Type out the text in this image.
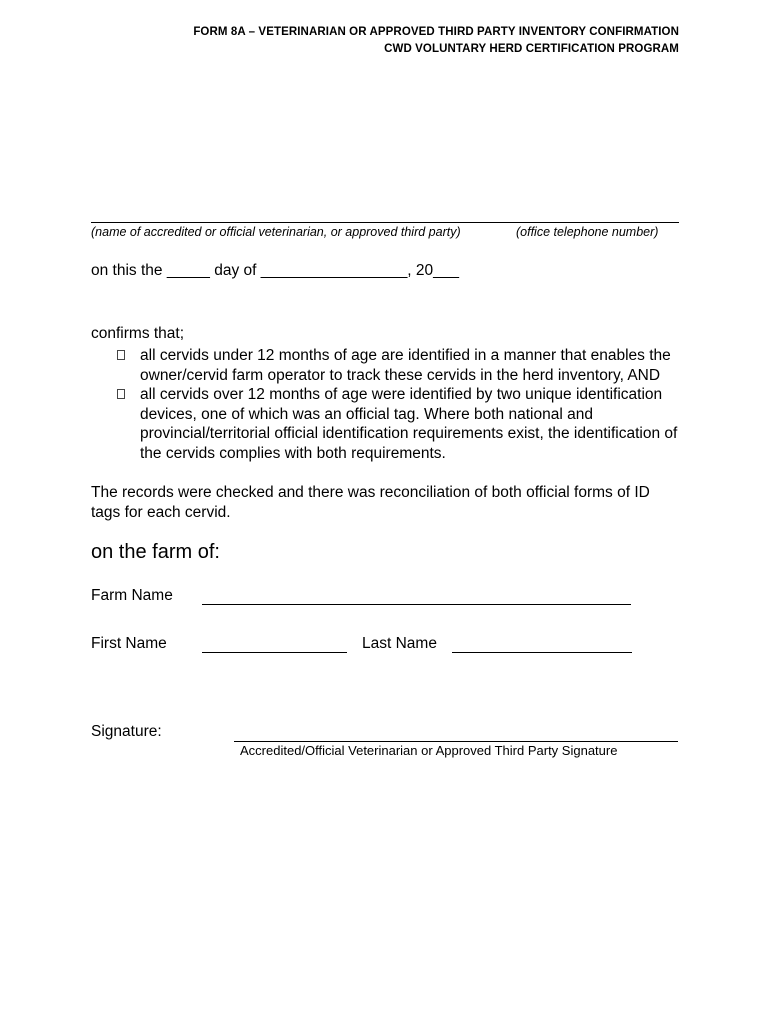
FORM 8A – VETERINARIAN OR APPROVED THIRD PARTY INVENTORY CONFIRMATION
CWD VOLUNTARY HERD CERTIFICATION PROGRAM
(name of accredited or official veterinarian, or approved third party)	(office telephone number)
on this the _____ day of _________________, 20___
confirms that;
all cervids under 12 months of age are identified in a manner that enables the owner/cervid farm operator to track these cervids in the herd inventory, AND
all cervids over 12 months of age were identified by two unique identification devices, one of which was an official tag. Where both national and provincial/territorial official identification requirements exist, the identification of the cervids complies with both requirements.
The records were checked and there was reconciliation of both official forms of ID tags for each cervid.
on the farm of:
Farm Name
First Name	Last Name
Signature:
Accredited/Official Veterinarian or Approved Third Party Signature
